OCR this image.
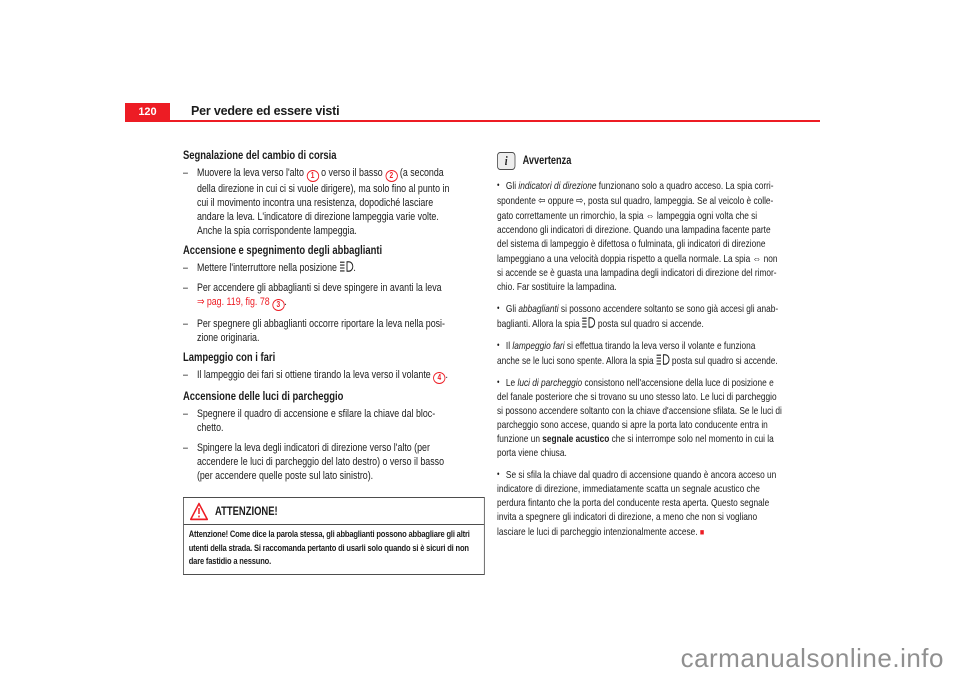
120	Per vedere ed essere visti
Segnalazione del cambio di corsia
– Muovere la leva verso l'alto 1 o verso il basso 2 (a seconda
della direzione in cui ci si vuole dirigere), ma solo fino al punto in
cui il movimento incontra una resistenza, dopodiché lasciare
andare la leva. L'indicatore di direzione lampeggia varie volte.
Anche la spia corrispondente lampeggia.
Accensione e spegnimento degli abbaglianti
– Mettere l'interruttore nella posizione .
– Per accendere gli abbaglianti si deve spingere in avanti la leva
⇒ pag. 119, fig. 78 3 .
– Per spegnere gli abbaglianti occorre riportare la leva nella posi-
zione originaria.
Lampeggio con i fari
– Il lampeggio dei fari si ottiene tirando la leva verso il volante 4 .
Accensione delle luci di parcheggio
– Spegnere il quadro di accensione e sfilare la chiave dal bloc-
chetto.
– Spingere la leva degli indicatori di direzione verso l'alto (per
accendere le luci di parcheggio del lato destro) o verso il basso
(per accendere quelle poste sul lato sinistro).
ATTENZIONE!
Attenzione! Come dice la parola stessa, gli abbaglianti possono abbagliare gli altri utenti della strada. Si raccomanda pertanto di usarli solo quando si è sicuri di non dare fastidio a nessuno.
i	Avvertenza
• Gli indicatori di direzione funzionano solo a quadro acceso. La spia corri-
spondente ⇦ oppure ⇨, posta sul quadro, lampeggia. Se al veicolo è colle-
gato correttamente un rimorchio, la spia ⇔ lampeggia ogni volta che si
accendono gli indicatori di direzione. Quando una lampadina facente parte
del sistema di lampeggio è difettosa o fulminata, gli indicatori di direzione
lampeggiano a una velocità doppia rispetto a quella normale. La spia ⇔ non
si accende se è guasta una lampadina degli indicatori di direzione del rimor-
chio. Far sostituire la lampadina.
• Gli abbaglianti si possono accendere soltanto se sono già accesi gli anab-
baglianti. Allora la spia  posta sul quadro si accende.
• Il lampeggio fari si effettua tirando la leva verso il volante e funziona
anche se le luci sono spente. Allora la spia  posta sul quadro si accende.
• Le luci di parcheggio consistono nell'accensione della luce di posizione e
del fanale posteriore che si trovano su uno stesso lato. Le luci di parcheggio
si possono accendere soltanto con la chiave d'accensione sfilata. Se le luci di
parcheggio sono accese, quando si apre la porta lato conducente entra in
funzione un segnale acustico che si interrompe solo nel momento in cui la
porta viene chiusa.
• Se si sfila la chiave dal quadro di accensione quando è ancora acceso un
indicatore di direzione, immediatamente scatta un segnale acustico che
perdura fintanto che la porta del conducente resta aperta. Questo segnale
invita a spegnere gli indicatori di direzione, a meno che non si vogliano
lasciare le luci di parcheggio intenzionalmente accese. ■
carmanualsonline.info
